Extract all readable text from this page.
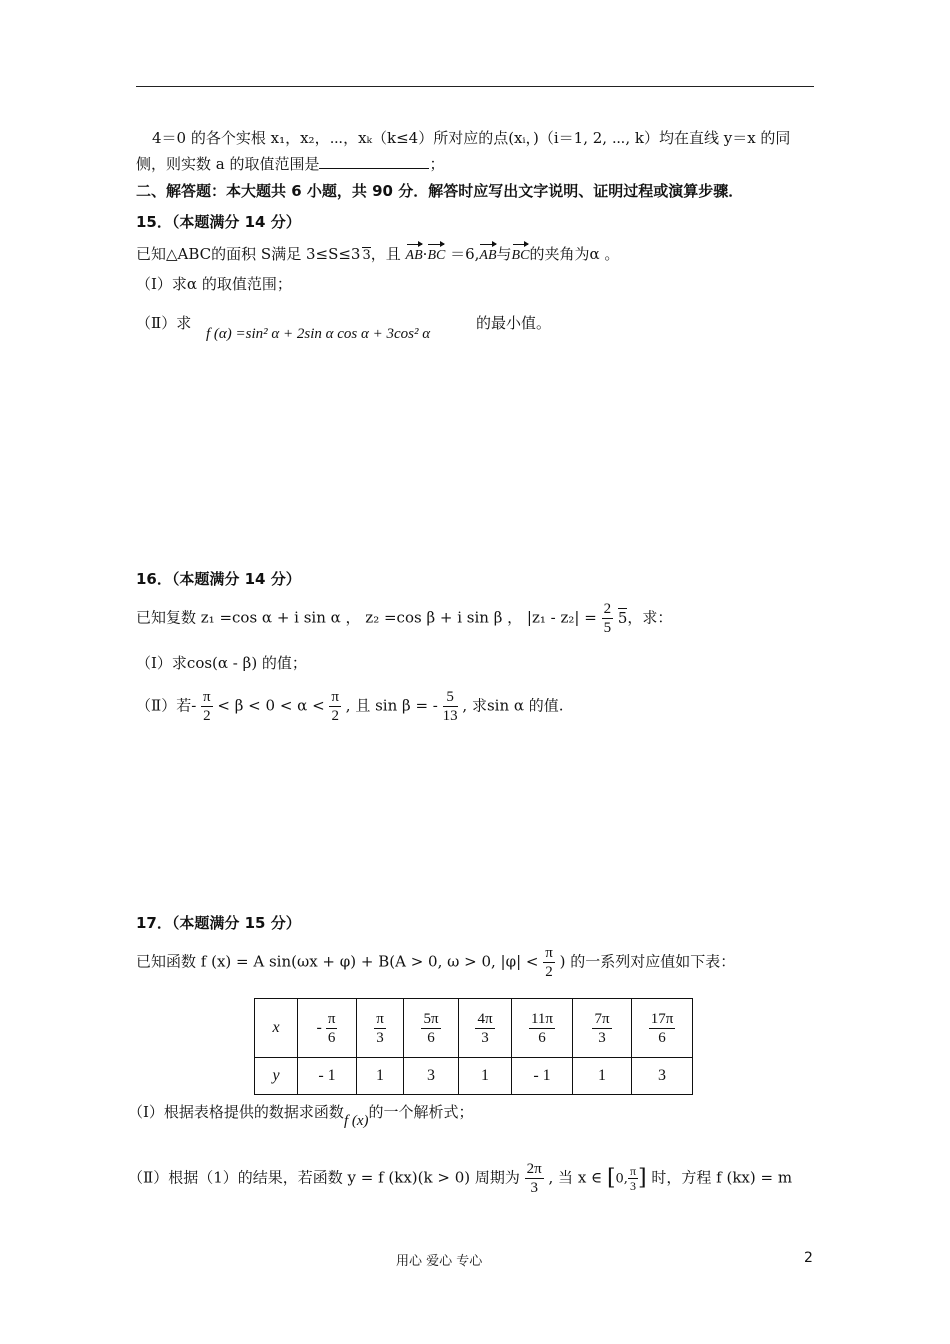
4＝0 的各个实根 x₁，x₂，⋯，xₖ（k≤4）所对应的点(xᵢ，)（i＝1, 2, ⋯, k）均在直线 y＝x 的同
侧，则实数 a 的取值范围是	；
二、解答题：本大题共 6 小题，共 90 分．解答时应写出文字说明、证明过程或演算步骤．
15．（本题满分 14 分）
已知△ABC的面积 S满足 3≤S≤3 3，且 AB·BC ＝6,AB与BC的夹角为α 。
（Ⅰ）求α 的取值范围；
（Ⅱ）求
f (α) =sin² α + 2sin α cos α + 3cos² α
的最小值。
16．（本题满分 14 分）
已知复数 z₁ =cos α + i sin α ， z₂ =cos β + i sin β ， $|z_1 - z_2| = \frac{2}{5} 5$，求：
（Ⅰ）求cos(α - β) 的值；
（Ⅱ）若- $\frac{\pi}{2} < \beta < 0 < \alpha < \frac{\pi}{2}$ , 且 sin β = - $\frac{5}{13}$ , 求sin α 的值.
17．（本题满分 15 分）
已知函数 f (x) = A sin(ωx + φ) + B(A > 0, ω > 0, $|\varphi| < \frac{\pi}{2}$ ) 的一系列对应值如下表：
x	- $\frac{\pi}{6}$	$\frac{\pi}{3}$	$\frac{5\pi}{6}$	$\frac{4\pi}{3}$	$\frac{11\pi}{6}$	$\frac{7\pi}{3}$	$\frac{17\pi}{6}$

y	- 1	1	3	1	- 1	1	3
（Ⅰ）根据表格提供的数据求函数f (x)的一个解析式；
（Ⅱ）根据（1）的结果，若函数 y = f (kx)(k > 0) 周期为 $\frac{2\pi}{3}$ , 当 x ∈ [0, $\frac{\pi}{3}$ ] 时，方程 f (kx) = m
用心 爱心 专心	2
